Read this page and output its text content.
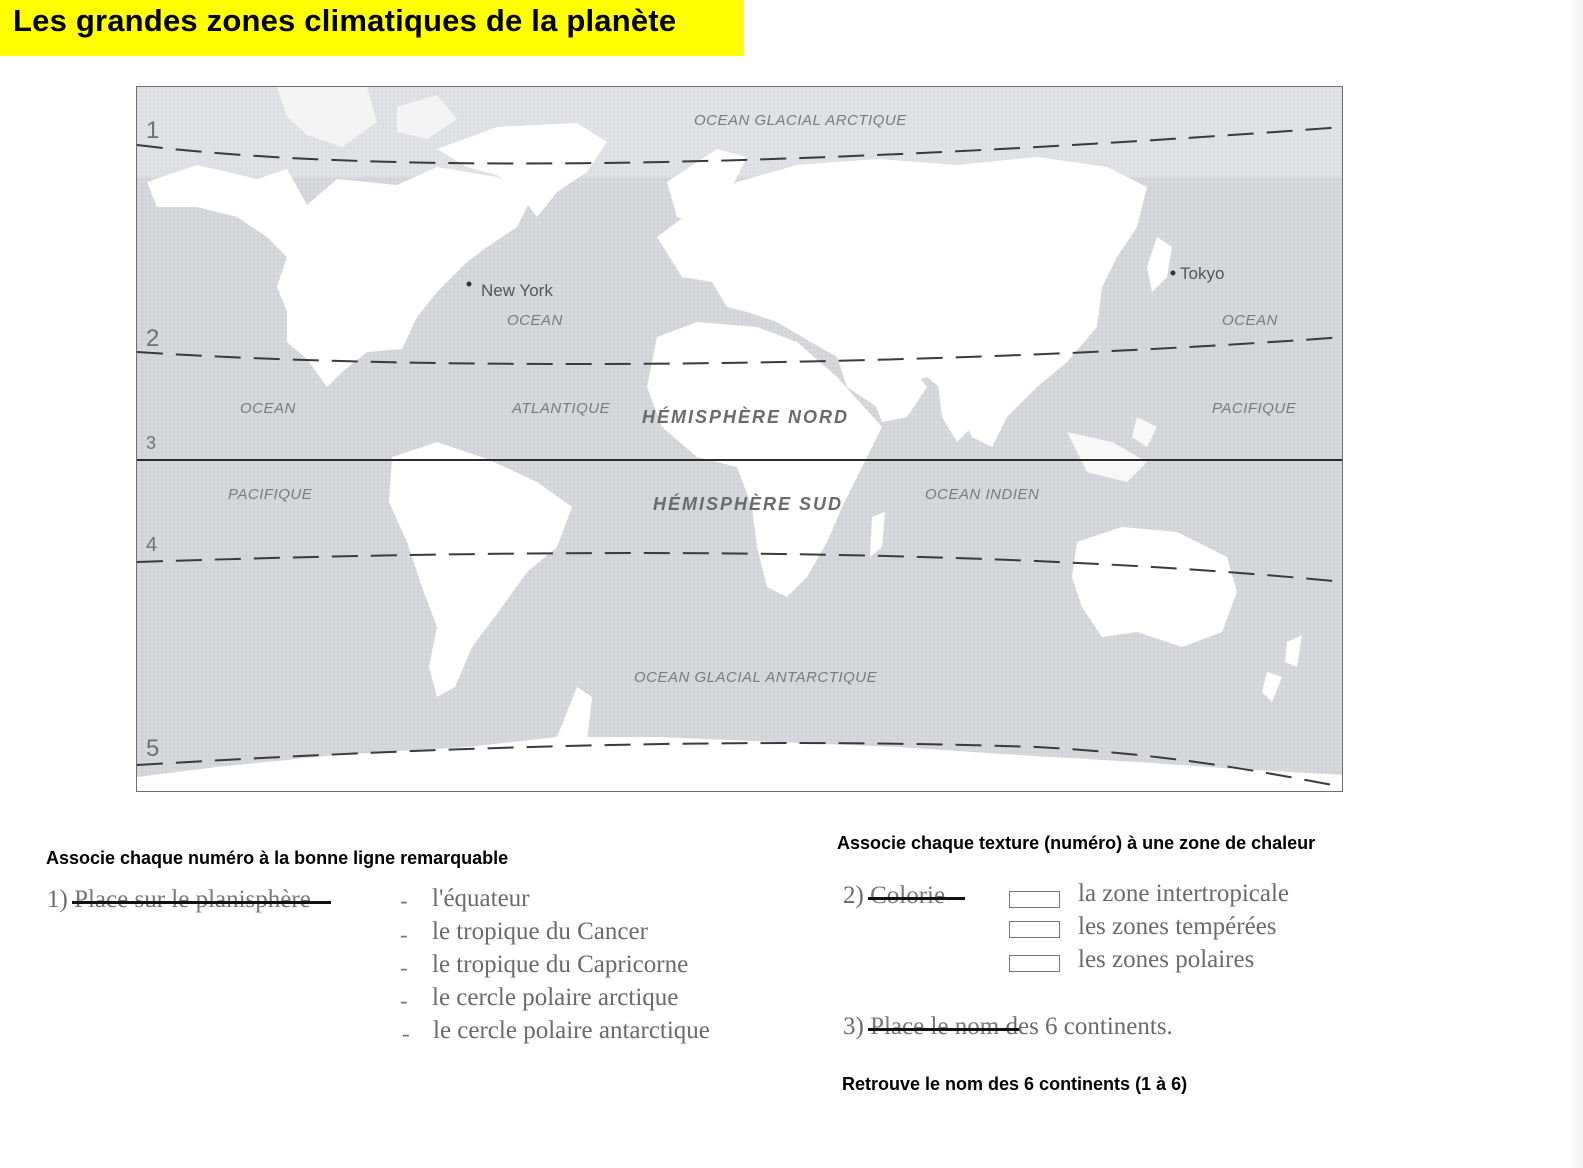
Les grandes zones climatiques de la planète
OCEAN GLACIAL ARCTIQUE
OCEAN GLACIAL ANTARCTIQUE
New York
Tokyo
OCEAN
OCEAN	ATLANTIQUE
OCEAN
PACIFIQUE
PACIFIQUE	OCEAN INDIEN
HÉMISPHÈRE NORD
HÉMISPHÈRE SUD
1
2
3
4
5
Associe chaque numéro à la bonne ligne remarquable
1) Place sur le planisphère	-
-
-
-
-
l'équateur
le tropique du Cancer
le tropique du Capricorne
le cercle polaire arctique
le cercle polaire antarctique
Associe chaque texture (numéro) à une zone de chaleur
2) Colorie	la zone intertropicale
les zones tempérées
les zones polaires
3) Place le nom des 6 continents.
Retrouve le nom des 6 continents (1 à 6)
